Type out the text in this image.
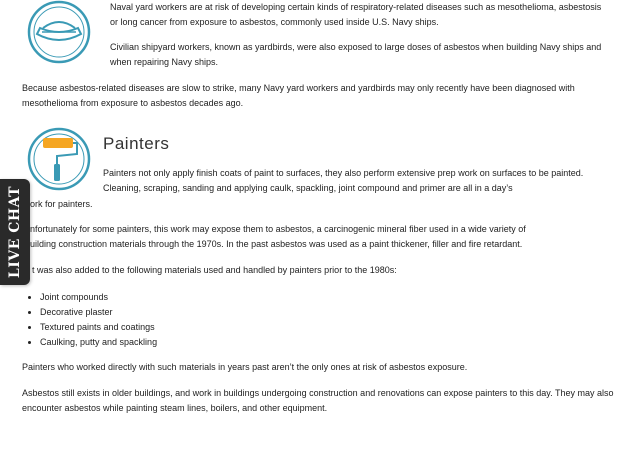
Naval yard workers are at risk of developing certain kinds of respiratory-related diseases such as mesothelioma, asbestosis or long cancer from exposure to asbestos, commonly used inside U.S. Navy ships.

Civilian shipyard workers, known as yardbirds, were also exposed to large doses of asbestos when building Navy ships and when repairing Navy ships.

Because asbestos-related diseases are slow to strike, many Navy yard workers and yardbirds may only recently have been diagnosed with mesothelioma from exposure to asbestos decades ago.

Painters

Painters not only apply finish coats of paint to surfaces, they also perform extensive prep work on surfaces to be painted. Cleaning, scraping, sanding and applying caulk, spackling, joint compound and primer are all in a day’s

ork for painters.

nfortunately for some painters, this work may expose them to asbestos, a carcinogenic mineral fiber used in a wide variety of

uilding construction materials through the 1970s. In the past asbestos was used as a paint thickener, filler and fire retardant.

t was also added to the following materials used and handled by painters prior to the 1980s:

• Joint compounds
• Decorative plaster
• Textured paints and coatings
• Caulking, putty and spackling

Painters who worked directly with such materials in years past aren’t the only ones at risk of asbestos exposure.

Asbestos still exists in older buildings, and work in buildings undergoing construction and renovations can expose painters to this day. They may also encounter asbestos while painting steam lines, boilers, and other equipment.

LIVE CHAT
